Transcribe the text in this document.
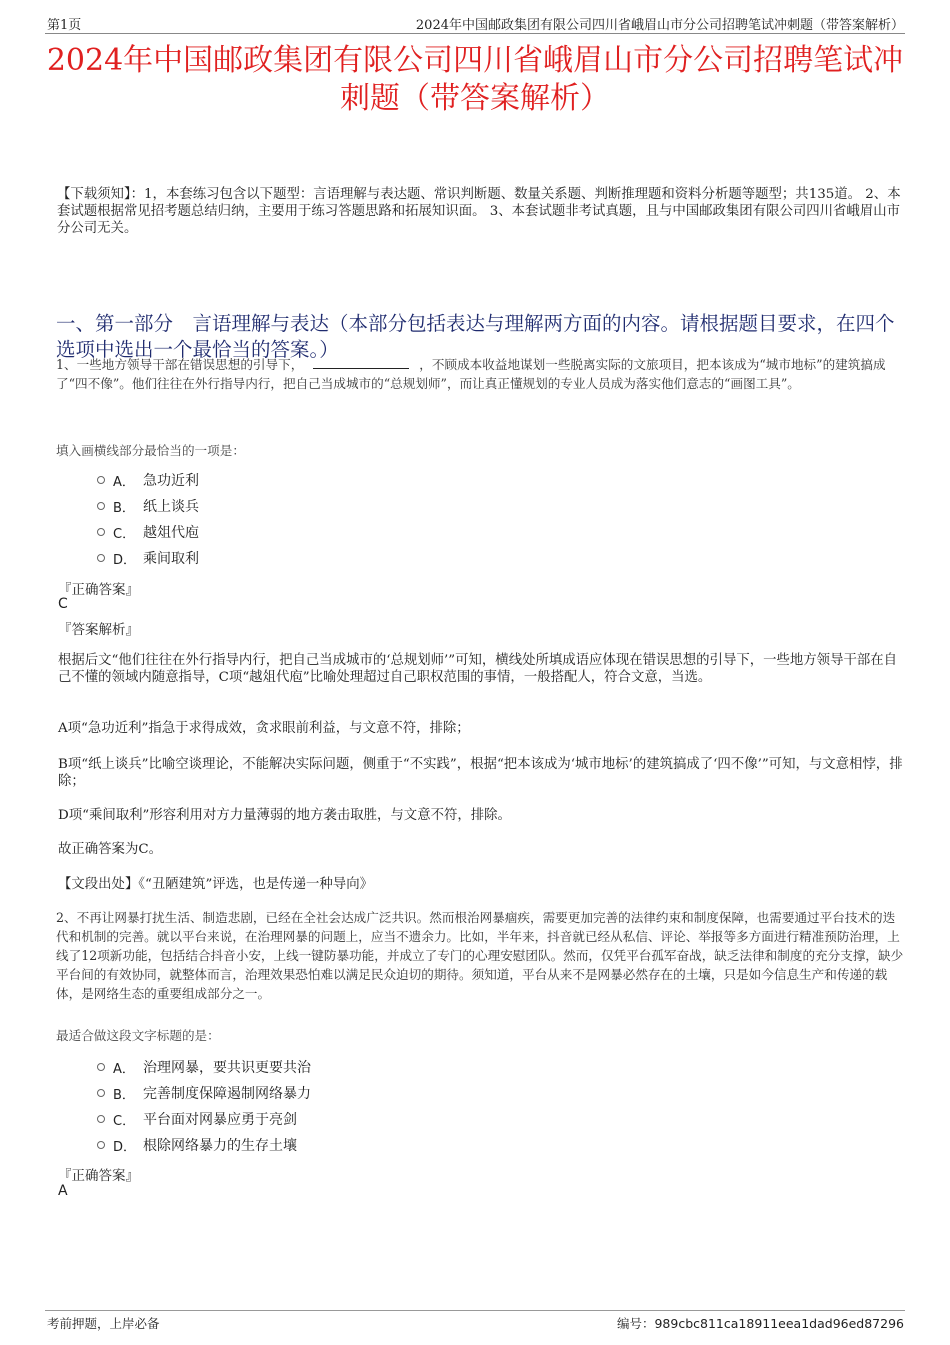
第1页	2024年中国邮政集团有限公司四川省峨眉山市分公司招聘笔试冲刺题（带答案解析）
2024年中国邮政集团有限公司四川省峨眉山市分公司招聘笔试冲刺题（带答案解析）

【下载须知】：1，本套练习包含以下题型：言语理解与表达题、常识判断题、数量关系题、判断推理题和资料分析题等题型；共135道。 2、本套试题根据常见招考题总结归纳，主要用于练习答题思路和拓展知识面。 3、本套试题非考试真题，且与中国邮政集团有限公司四川省峨眉山市分公司无关。

一、第一部分　言语理解与表达（本部分包括表达与理解两方面的内容。请根据题目要求，在四个选项中选出一个最恰当的答案。）

1、一些地方领导干部在错误思想的引导下，	，不顾成本收益地谋划一些脱离实际的文旅项目，把本该成为“城市地标”的建筑搞成了“四不像”。他们往往在外行指导内行，把自己当成城市的“总规划师”，而让真正懂规划的专业人员成为落实他们意志的“画图工具”。

填入画横线部分最恰当的一项是：

A． 急功近利
B． 纸上谈兵
C． 越俎代庖
D． 乘间取利
『正确答案』
C
『答案解析』

根据后文“他们往往在外行指导内行，把自己当成城市的‘总规划师’”可知，横线处所填成语应体现在错误思想的引导下，一些地方领导干部在自己不懂的领域内随意指导，C项“越俎代庖”比喻处理超过自己职权范围的事情，一般搭配人，符合文意，当选。

A项“急功近利”指急于求得成效，贪求眼前利益，与文意不符，排除；

B项“纸上谈兵”比喻空谈理论，不能解决实际问题，侧重于“不实践”，根据“把本该成为‘城市地标’的建筑搞成了‘四不像’”可知，与文意相悖，排除；

D项“乘间取利”形容利用对方力量薄弱的地方袭击取胜，与文意不符，排除。

故正确答案为C。

【文段出处】《“丑陋建筑”评选，也是传递一种导向》

2、不再让网暴打扰生活、制造悲剧，已经在全社会达成广泛共识。然而根治网暴痼疾，需要更加完善的法律约束和制度保障，也需要通过平台技术的迭代和机制的完善。就以平台来说，在治理网暴的问题上，应当不遗余力。比如，半年来，抖音就已经从私信、评论、举报等多方面进行精准预防治理，上线了12项新功能，包括结合抖音小安，上线一键防暴功能，并成立了专门的心理安慰团队。然而，仅凭平台孤军奋战，缺乏法律和制度的充分支撑，缺少平台间的有效协同，就整体而言，治理效果恐怕难以满足民众迫切的期待。须知道，平台从来不是网暴必然存在的土壤，只是如今信息生产和传递的载体，是网络生态的重要组成部分之一。

最适合做这段文字标题的是：

A． 治理网暴，要共识更要共治
B． 完善制度保障遏制网络暴力
C． 平台面对网暴应勇于亮剑
D． 根除网络暴力的生存土壤
『正确答案』
A
考前押题，上岸必备	编号：989cbc811ca18911eea1dad96ed87296
